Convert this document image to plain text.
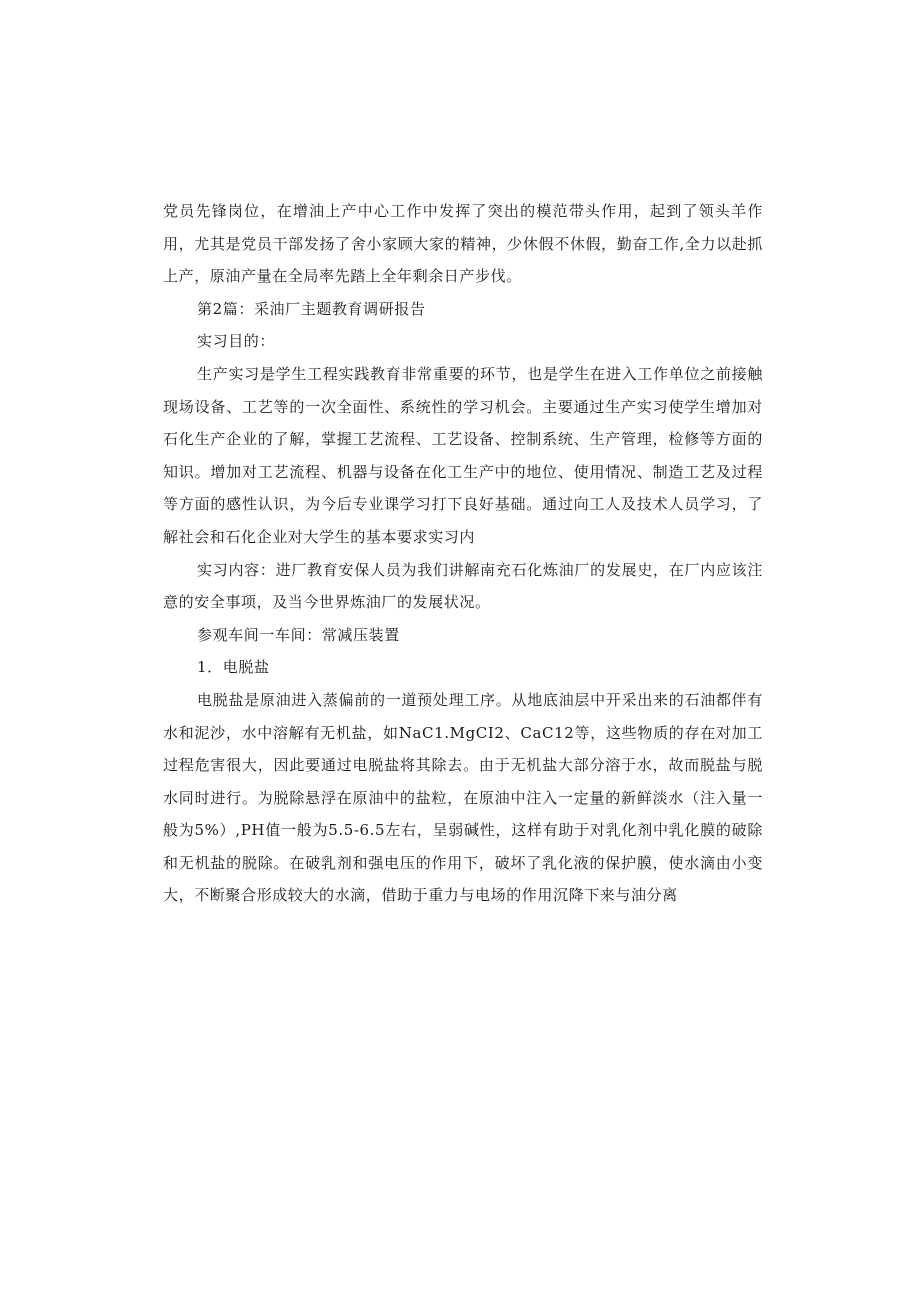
党员先锋岗位，在增油上产中心工作中发挥了突出的模范带头作用，起到了领头羊作用，尤其是党员干部发扬了舍小家顾大家的精神，少休假不休假，勤奋工作,全力以赴抓上产，原油产量在全局率先踏上全年剩余日产步伐。

第2篇：采油厂主题教育调研报告

实习目的：

生产实习是学生工程实践教育非常重要的环节，也是学生在进入工作单位之前接触现场设备、工艺等的一次全面性、系统性的学习机会。主要通过生产实习使学生增加对石化生产企业的了解，掌握工艺流程、工艺设备、控制系统、生产管理，检修等方面的知识。增加对工艺流程、机器与设备在化工生产中的地位、使用情况、制造工艺及过程等方面的感性认识，为今后专业课学习打下良好基础。通过向工人及技术人员学习，了解社会和石化企业对大学生的基本要求实习内

实习内容：进厂教育安保人员为我们讲解南充石化炼油厂的发展史，在厂内应该注意的安全事项，及当今世界炼油厂的发展状况。

参观车间一车间：常减压装置

1．电脱盐

电脱盐是原油进入蒸偏前的一道预处理工序。从地底油层中开采出来的石油都伴有水和泥沙，水中溶解有无机盐，如NaC1.MgCI2、CaC12等，这些物质的存在对加工过程危害很大，因此要通过电脱盐将其除去。由于无机盐大部分溶于水，故而脱盐与脱水同时进行。为脱除悬浮在原油中的盐粒，在原油中注入一定量的新鲜淡水（注入量一般为5%）,PH值一般为5.5-6.5左右，呈弱碱性，这样有助于对乳化剂中乳化膜的破除和无机盐的脱除。在破乳剂和强电压的作用下，破坏了乳化液的保护膜，使水滴由小变大，不断聚合形成较大的水滴，借助于重力与电场的作用沉降下来与油分离
